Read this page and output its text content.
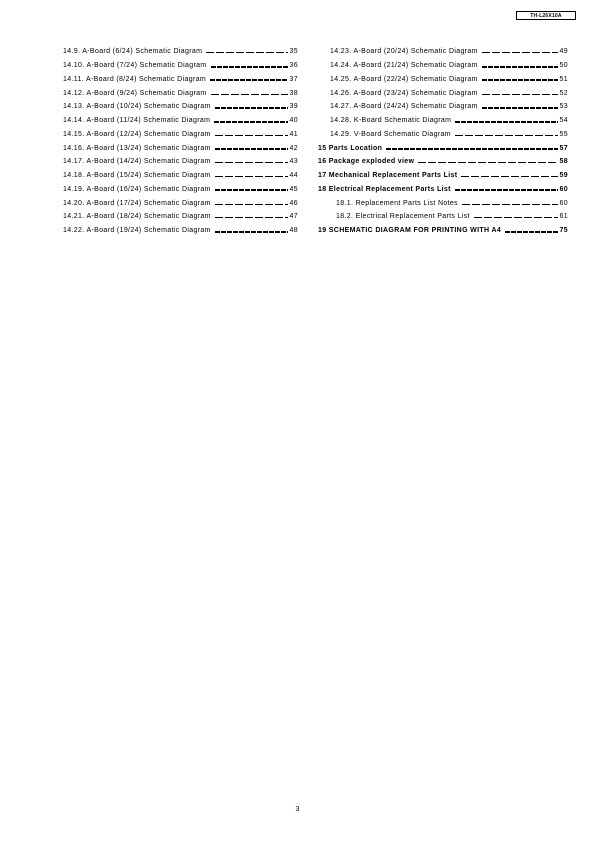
TH-L26X10A
14.9. A-Board (6/24) Schematic Diagram	35
14.10. A-Board (7/24) Schematic Diagram	36
14.11. A-Board (8/24) Schematic Diagram	37
14.12. A-Board (9/24) Schematic Diagram	38
14.13. A-Board (10/24) Schematic Diagram	39
14.14. A-Board (11/24) Schematic Diagram	40
14.15. A-Board (12/24) Schematic Diagram	41
14.16. A-Board (13/24) Schematic Diagram	42
14.17. A-Board (14/24) Schematic Diagram	43
14.18. A-Board (15/24) Schematic Diagram	44
14.19. A-Board (16/24) Schematic Diagram	45
14.20. A-Board (17/24) Schematic Diagram	46
14.21. A-Board (18/24) Schematic Diagram	47
14.22. A-Board (19/24) Schematic Diagram	48
14.23. A-Board (20/24) Schematic Diagram	49
14.24. A-Board (21/24) Schematic Diagram	50
14.25. A-Board (22/24) Schematic Diagram	51
14.26. A-Board (23/24) Schematic Diagram	52
14.27. A-Board (24/24) Schematic Diagram	53
14.28. K-Board Schematic Diagram	54
14.29. V-Board Schematic Diagram	55
15 Parts Location	57
16 Package exploded view	58
17 Mechanical Replacement Parts List	59
18 Electrical Replacement Parts List	60
18.1. Replacement Parts List Notes	60
18.2. Electrical Replacement Parts List	61
19 SCHEMATIC DIAGRAM FOR PRINTING WITH A4	75
3
